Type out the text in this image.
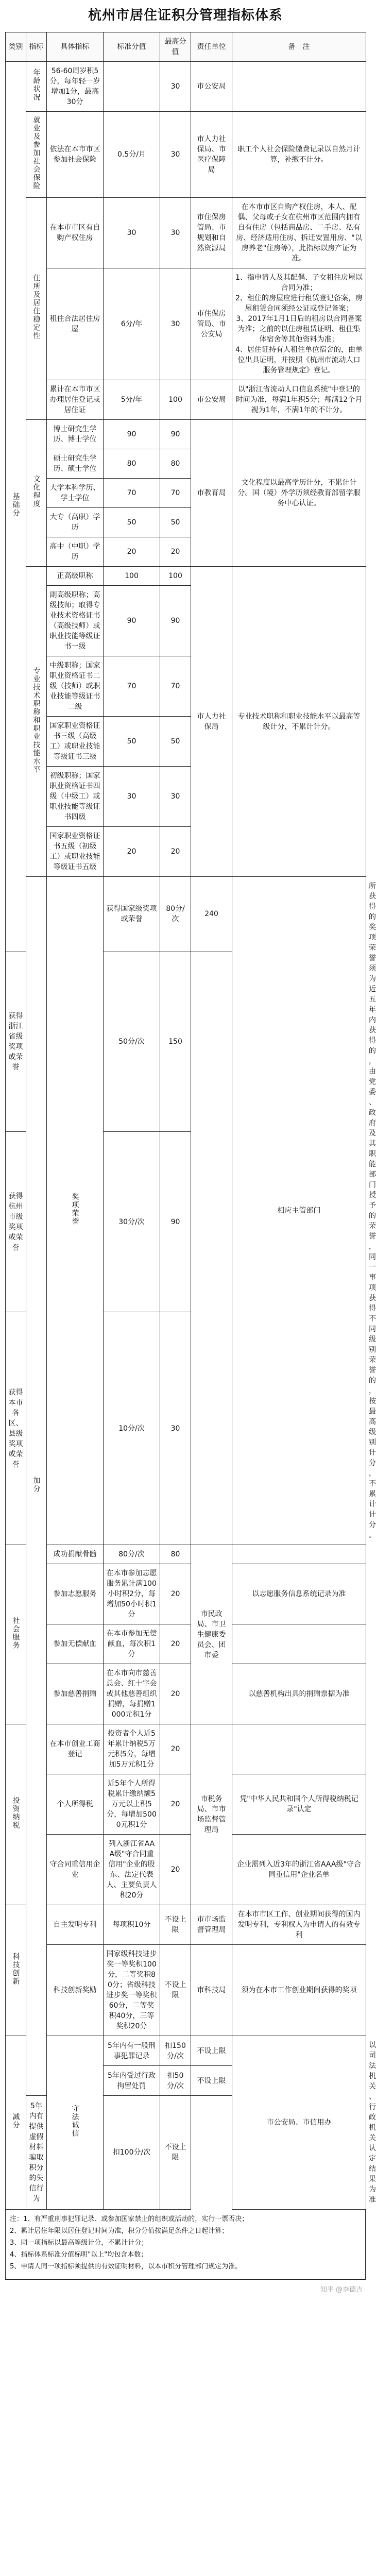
杭州市居住证积分管理指标体系
类别	指标	具体指标	标准分值	最高分值	责任单位	备　注	
基础分	年龄状况	56-60周岁积5分，每年轻一岁增加1分，最高30分		30	市公安局		
	就业及参加社会保险	依法在本市市区参加社会保险	0.5分/月	30	市人力社保局、市医疗保障局	职工个人社会保险缴费记录以自然月计算，补缴不计分。	
	住所及居住稳定性	在本市市区有自购产权住房	30	30	市住保房管局、市规划和自然资源局	在本市市区自购产权住房，本人、配偶、父母或子女在杭州市区范围内拥有自有住房（包括商品房、二手房、私有房、经济适用住房、拆迁安置用房、"以房养老"住房等），此指标以房产证为准。	
		租住合法居住房屋	6分/年	30	市住保房管局、市公安局	1、指申请人及其配偶、子女租住房屋以合同为准；
2、租住的房屋应进行租赁登记备案，房屋租赁合同须经公证或登记备案；
3、2017年1月1日后的租房以合同备案为准；之前的以住房租赁证明、租住集体宿舍等其他资料为准；
4、居住证持有人租住单位宿舍的，由单位出具证明，并按照《杭州市流动人口服务管理规定》登记。	
		累计在本市市区办理居住登记或居住证	5分/年	100	市公安局	以"浙江省流动人口信息系统"中登记的时间为准，每满1年积5分；每满12个月视为1年，不满1年的不计分。	
	文化程度	博士研究生学历、博士学位	90	90	市教育局	文化程度以最高学历计分，不累计计分。国（境）外学历须经教育部留学服务中心认证。	
		硕士研究生学历、硕士学位	80	80			
		大学本科学历、学士学位	70	70			
		大专（高职）学历	50	50			
		高中（中职）学历	20	20			
	专业技术职称和职业技能水平	正高级职称	100	100	市人力社保局	专业技术职称和职业技能水平以最高等级计分，不累计计分。	
		副高级职称；高级技师；取得专业技术资格证书（高级技师）或职业技能等级证书一级	90	90			
		中级职称；国家职业资格证书二级（技师）或职业技能等级证书二级	70	70			
		国家职业资格证书三级（高级工）或职业技能等级证书三级	50	50			
		初级职称；国家职业资格证书四级（中级工）或职业技能等级证书四级	30	30			
		国家职业资格证书五级（初级工）或职业技能等级证书五级	20	20			
	加分	奖项荣誉	获得国家级奖项或荣誉	80分/次	240	相应主管部门	所获得的奖项荣誉须为近五年内获得的，由党委、政府及其职能部门授予的荣誉，同一事项获得不同级别荣誉的，按最高级别计分，不累计计分。
获得浙江省级奖项或荣誉			50分/次	150			
获得杭州市级奖项或荣誉			30分/次	90			
获得本市各区、县级奖项或荣誉			10分/次	30			
社会服务		成功捐献骨髓	80分/次	80	市民政局、市卫生健康委员会、团市委		
		参加志愿服务	在本市参加志愿服务累计满100小时积2分，每增加50小时积1分	20		以志愿服务信息系统记录为准	
		参加无偿献血	在本市参加无偿献血，每次积1分	20			
		参加慈善捐赠	在本市向市慈善总会、红十字会或其他慈善组织捐赠，每捐赠1000元积1分	20		以慈善机构出具的捐赠票据为准	
投资纳税		在本市创业工商登记	投资者个人近5年累计纳税5万元积5分，每增加5万元积1分	20	市税务局、市市场监督管理局		
		个人所得税	近5年个人所得税累计缴纳额5万元以上积5分，每增加5000元积1分	20		凭"中华人民共和国个人所得税纳税记录"认定	
		守合同重信用企业	列入浙江省AAA级"守合同重信用"企业的股东、法定代表人、主要负责人积20分	20		企业需列入近3年的浙江省AAA级"守合同重信用"企业名单	
科技创新		自主发明专利	每项积10分	不设上限	市市场监督管理局	在本市市区工作、创业期间获得的国内发明专利，专利权人为申请人的有效专利	
		科技创新奖励	国家级科技进步奖一等奖积100分，二等奖积80分；省级科技进步奖一等奖积60分，二等奖积40分，三等奖积20分	不设上限	市科技局	须为在本市工作创业期间获得的奖项	
减分		守法诚信	5年内有一般刑事犯罪记录	扣150分/次	不设上限	市公安局、市信用办	以司法机关、行政机关认定结果为准
			5年内受过行政拘留处罚	扣50分/次	不设上限		
	5年内有提供虚假材料骗取积分的失信行为		扣100分/次	不设上限			
注：1、有严重刑事犯罪记录、或参加国家禁止的组织或活动的，实行一票否决；
2、累计居住年限以居住登记时间为准，积分分值按满足条件之日起计算；
3、同一项指标以最高等级计分，不累计计分；
4、指标体系标准分值标明"以上"均包含本数；
5、申请人同一项指标须提供的有效证明材料，以本市积分管理部门规定为准。
知乎 @李德吉
